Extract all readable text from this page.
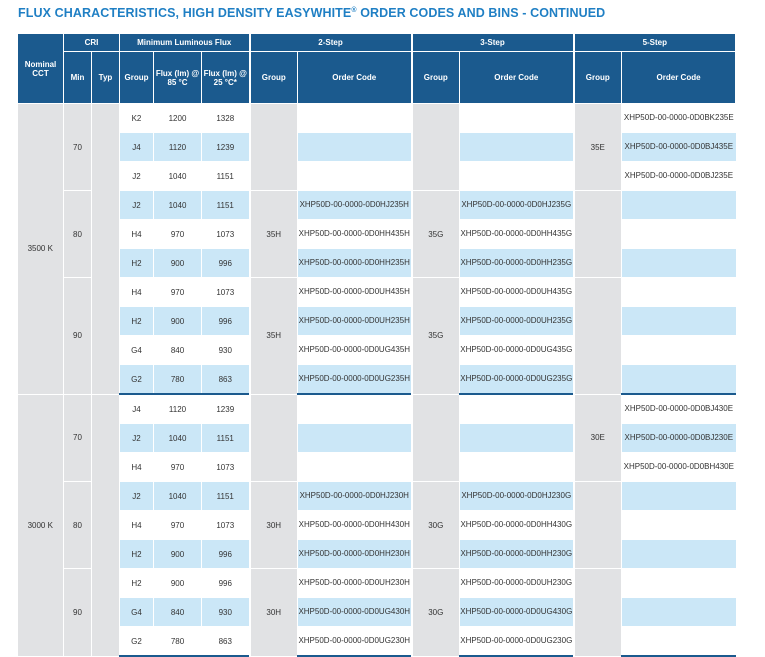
FLUX CHARACTERISTICS, HIGH DENSITY EASYWHITE® ORDER CODES AND BINS - CONTINUED
Nominal CCT	CRI		Minimum Luminous Flux			2-Step		3-Step		5-Step	
	Min	Typ	Group	Flux (lm) @ 85 °C	Flux (lm) @ 25 °C*	Group	Order Code	Group	Order Code	Group	Order Code
3500 K	70		K2	1200	1328					35E	XHP50D-00-0000-0D0BK235E
			J4	1120	1239						XHP50D-00-0000-0D0BJ435E
			J2	1040	1151						XHP50D-00-0000-0D0BJ235E
	80		J2	1040	1151	35H	XHP50D-00-0000-0D0HJ235H	35G	XHP50D-00-0000-0D0HJ235G		
			H4	970	1073		XHP50D-00-0000-0D0HH435H		XHP50D-00-0000-0D0HH435G		
			H2	900	996		XHP50D-00-0000-0D0HH235H		XHP50D-00-0000-0D0HH235G		
	90		H4	970	1073	35H	XHP50D-00-0000-0D0UH435H	35G	XHP50D-00-0000-0D0UH435G		
			H2	900	996		XHP50D-00-0000-0D0UH235H		XHP50D-00-0000-0D0UH235G		
			G4	840	930		XHP50D-00-0000-0D0UG435H		XHP50D-00-0000-0D0UG435G		
			G2	780	863		XHP50D-00-0000-0D0UG235H		XHP50D-00-0000-0D0UG235G		
3000 K	70		J4	1120	1239					30E	XHP50D-00-0000-0D0BJ430E
			J2	1040	1151						XHP50D-00-0000-0D0BJ230E
			H4	970	1073						XHP50D-00-0000-0D0BH430E
	80		J2	1040	1151	30H	XHP50D-00-0000-0D0HJ230H	30G	XHP50D-00-0000-0D0HJ230G		
			H4	970	1073		XHP50D-00-0000-0D0HH430H		XHP50D-00-0000-0D0HH430G		
			H2	900	996		XHP50D-00-0000-0D0HH230H		XHP50D-00-0000-0D0HH230G		
	90		H2	900	996	30H	XHP50D-00-0000-0D0UH230H	30G	XHP50D-00-0000-0D0UH230G		
			G4	840	930		XHP50D-00-0000-0D0UG430H		XHP50D-00-0000-0D0UG430G		
			G2	780	863		XHP50D-00-0000-0D0UG230H		XHP50D-00-0000-0D0UG230G		
